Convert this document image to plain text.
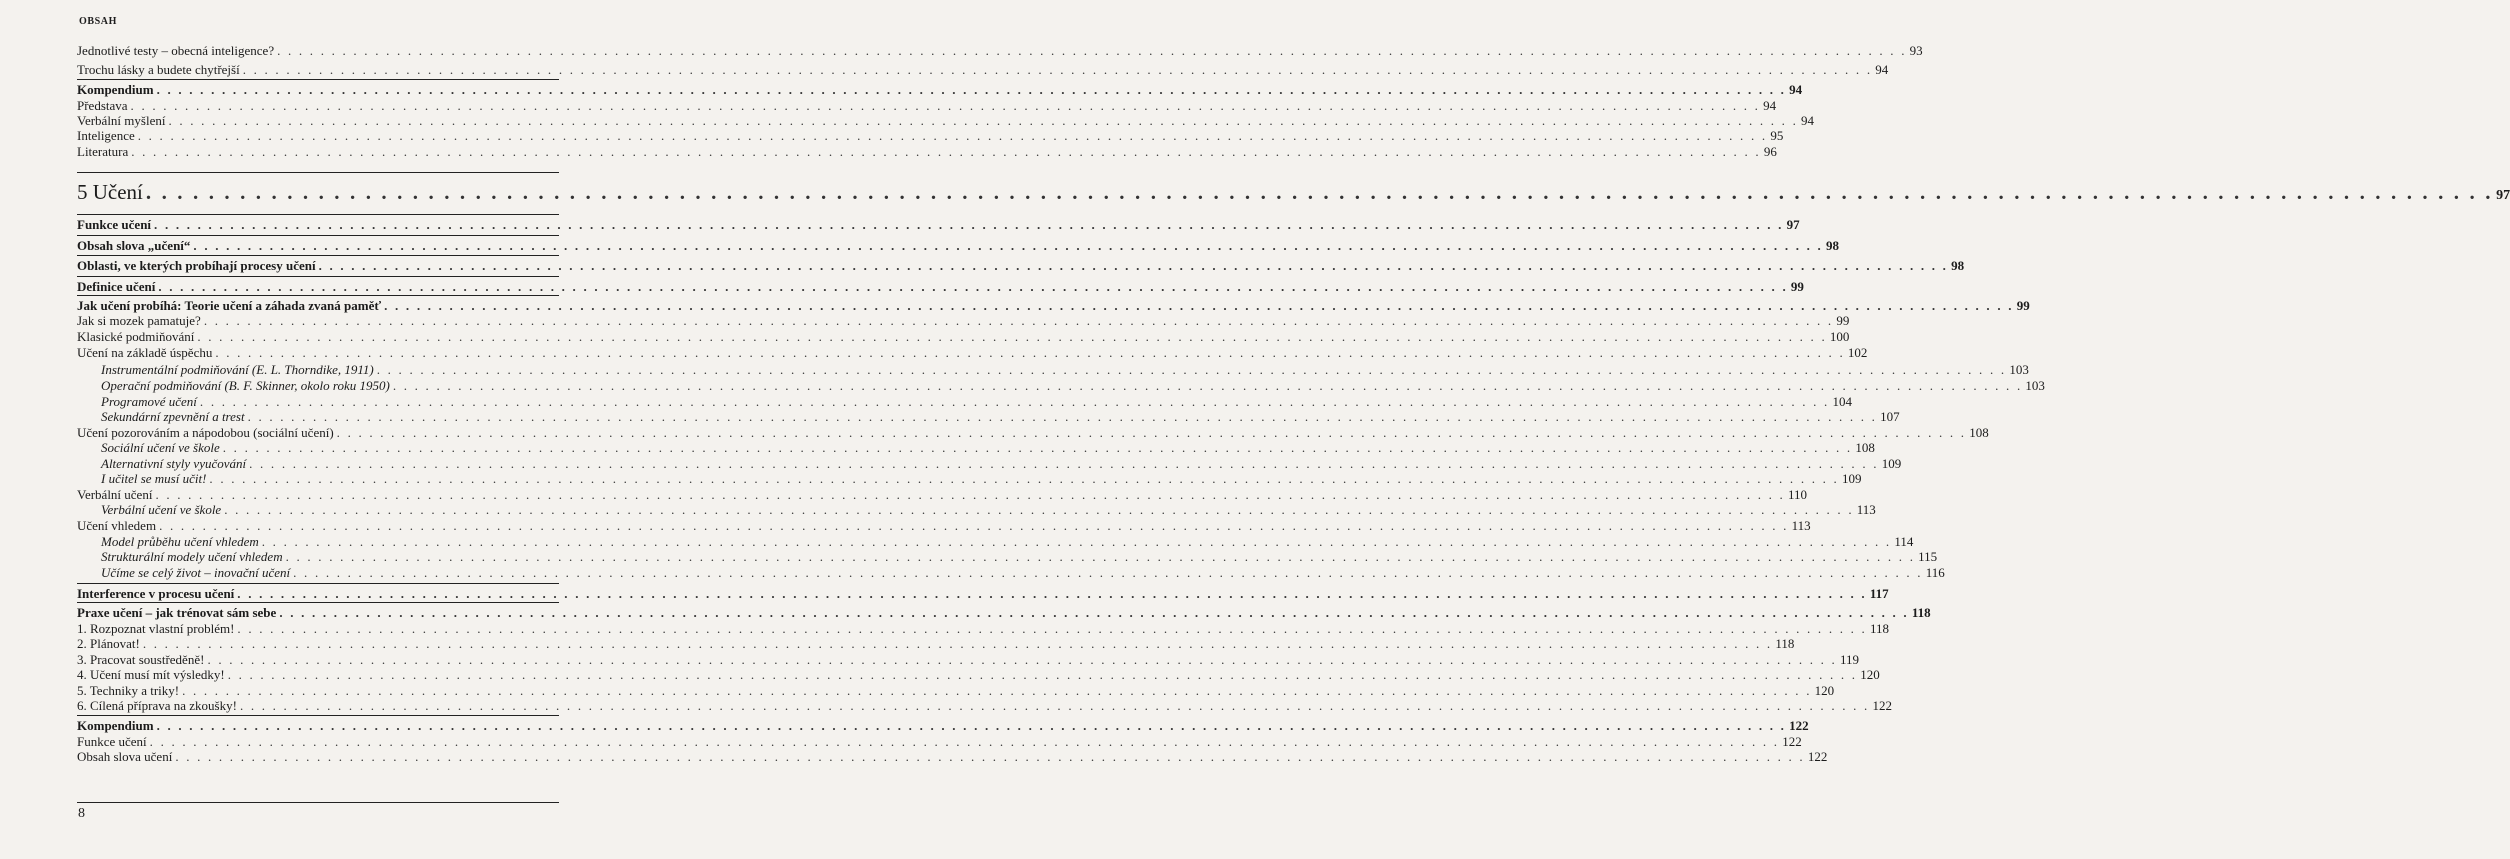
OBSAH
Jednotlivé testy – obecná inteligence? . . . . . . . . . . . . . . . . . . . . . . . . . . . . . . . . . . . . . . . . . . . . . . . . . . . . . . . . . . . . . . . . . . . . . . . . . . . . . . . . . . . . . . . . . . . . . . . . . . . . . . . . . . . . . . . . . . . . . . . . . . . . . . . . . . . . . . . . . . . . . . . . . . . . . . 93
Trochu lásky a budete chytřejší . . . . . . . . . . . . . . . . . . . . . . . . . . . . . . . . . . . . . . . . . . . . . . . . . . . . . . . . . . . . . . . . . . . . . . . . . . . . . . . . . . . . . . . . . . . . . . . . . . . . . . . . . . . . . . . . . . . . . . . . . . . . . . . . . . . . . . . . . . . . . . . . . . . . . . 94
Kompendium . . . . . . . . . . . . . . . . . . . . . . . . . . . . . . . . . . . . . . . . . . . . . . . . . . . . . . . . . . . . . . . . . . . . . . . . . . . . . . . . . . . . . . . . . . . . . . . . . . . . . . . . . . . . . . . . . . . . . . . . . . . . . . . . . . . . . . . . . . . . . . . . . . . . . . 94
Představa . . . . . . . . . . . . . . . . . . . . . . . . . . . . . . . . . . . . . . . . . . . . . . . . . . . . . . . . . . . . . . . . . . . . . . . . . . . . . . . . . . . . . . . . . . . . . . . . . . . . . . . . . . . . . . . . . . . . . . . . . . . . . . . . . . . . . . . . . . . . . . . . . . . . . . 94
Verbální myšlení . . . . . . . . . . . . . . . . . . . . . . . . . . . . . . . . . . . . . . . . . . . . . . . . . . . . . . . . . . . . . . . . . . . . . . . . . . . . . . . . . . . . . . . . . . . . . . . . . . . . . . . . . . . . . . . . . . . . . . . . . . . . . . . . . . . . . . . . . . . . . . . . . . . . . . 94
Inteligence . . . . . . . . . . . . . . . . . . . . . . . . . . . . . . . . . . . . . . . . . . . . . . . . . . . . . . . . . . . . . . . . . . . . . . . . . . . . . . . . . . . . . . . . . . . . . . . . . . . . . . . . . . . . . . . . . . . . . . . . . . . . . . . . . . . . . . . . . . . . . . . . . . . . . . 95
Literatura . . . . . . . . . . . . . . . . . . . . . . . . . . . . . . . . . . . . . . . . . . . . . . . . . . . . . . . . . . . . . . . . . . . . . . . . . . . . . . . . . . . . . . . . . . . . . . . . . . . . . . . . . . . . . . . . . . . . . . . . . . . . . . . . . . . . . . . . . . . . . . . . . . . . . . 96
5 Učení . . . . . . . . . . . . . . . . . . . . . . . . . . . . . . . . . . . . . . . . . . . . . . . . . . . . . . . . . . . . . . . . . . . . . . . . . . . . . . . . . . . . . . . . . . . . . . . . . . . . . . . . . . . . . . . . . . . . . . . . . . . . . . . . . . . . . . . . . . . . . . . . . . . . . . 97
Funkce učení . . . . . . . . . . . . . . . . . . . . . . . . . . . . . . . . . . . . . . . . . . . . . . . . . . . . . . . . . . . . . . . . . . . . . . . . . . . . . . . . . . . . . . . . . . . . . . . . . . . . . . . . . . . . . . . . . . . . . . . . . . . . . . . . . . . . . . . . . . . . . . . . . . . . . . 97
Obsah slova „učení“ . . . . . . . . . . . . . . . . . . . . . . . . . . . . . . . . . . . . . . . . . . . . . . . . . . . . . . . . . . . . . . . . . . . . . . . . . . . . . . . . . . . . . . . . . . . . . . . . . . . . . . . . . . . . . . . . . . . . . . . . . . . . . . . . . . . . . . . . . . . . . . . . . . . . . . 98
Oblasti, ve kterých probíhají procesy učení . . . . . . . . . . . . . . . . . . . . . . . . . . . . . . . . . . . . . . . . . . . . . . . . . . . . . . . . . . . . . . . . . . . . . . . . . . . . . . . . . . . . . . . . . . . . . . . . . . . . . . . . . . . . . . . . . . . . . . . . . . . . . . . . . . . . . . . . . . . . . . . . . . . . . . 98
Definice učení . . . . . . . . . . . . . . . . . . . . . . . . . . . . . . . . . . . . . . . . . . . . . . . . . . . . . . . . . . . . . . . . . . . . . . . . . . . . . . . . . . . . . . . . . . . . . . . . . . . . . . . . . . . . . . . . . . . . . . . . . . . . . . . . . . . . . . . . . . . . . . . . . . . . . . 99
Jak učení probíhá: Teorie učení a záhada zvaná paměť . . . . . . . . . . . . . . . . . . . . . . . . . . . . . . . . . . . . . . . . . . . . . . . . . . . . . . . . . . . . . . . . . . . . . . . . . . . . . . . . . . . . . . . . . . . . . . . . . . . . . . . . . . . . . . . . . . . . . . . . . . . . . . . . . . . . . . . . . . . . . . . . . . . . . . 99
Jak si mozek pamatuje? . . . . . . . . . . . . . . . . . . . . . . . . . . . . . . . . . . . . . . . . . . . . . . . . . . . . . . . . . . . . . . . . . . . . . . . . . . . . . . . . . . . . . . . . . . . . . . . . . . . . . . . . . . . . . . . . . . . . . . . . . . . . . . . . . . . . . . . . . . . . . . . . . . . . . . 99
Klasické podmiňování . . . . . . . . . . . . . . . . . . . . . . . . . . . . . . . . . . . . . . . . . . . . . . . . . . . . . . . . . . . . . . . . . . . . . . . . . . . . . . . . . . . . . . . . . . . . . . . . . . . . . . . . . . . . . . . . . . . . . . . . . . . . . . . . . . . . . . . . . . . . . . . . . . . . . . 100
Učení na základě úspěchu . . . . . . . . . . . . . . . . . . . . . . . . . . . . . . . . . . . . . . . . . . . . . . . . . . . . . . . . . . . . . . . . . . . . . . . . . . . . . . . . . . . . . . . . . . . . . . . . . . . . . . . . . . . . . . . . . . . . . . . . . . . . . . . . . . . . . . . . . . . . . . . . . . . . . . 102
Instrumentální podmiňování (E. L. Thorndike, 1911) . . . . . . . . . . . . . . . . . . . . . . . . . . . . . . . . . . . . . . . . . . . . . . . . . . . . . . . . . . . . . . . . . . . . . . . . . . . . . . . . . . . . . . . . . . . . . . . . . . . . . . . . . . . . . . . . . . . . . . . . . . . . . . . . . . . . . . . . . . . . . . . . . . . . . . 103
Operační podmiňování (B. F. Skinner, okolo roku 1950) . . . . . . . . . . . . . . . . . . . . . . . . . . . . . . . . . . . . . . . . . . . . . . . . . . . . . . . . . . . . . . . . . . . . . . . . . . . . . . . . . . . . . . . . . . . . . . . . . . . . . . . . . . . . . . . . . . . . . . . . . . . . . . . . . . . . . . . . . . . . . . . . . . . . . . 103
Programové učení . . . . . . . . . . . . . . . . . . . . . . . . . . . . . . . . . . . . . . . . . . . . . . . . . . . . . . . . . . . . . . . . . . . . . . . . . . . . . . . . . . . . . . . . . . . . . . . . . . . . . . . . . . . . . . . . . . . . . . . . . . . . . . . . . . . . . . . . . . . . . . . . . . . . . . 104
Sekundární zpevnění a trest . . . . . . . . . . . . . . . . . . . . . . . . . . . . . . . . . . . . . . . . . . . . . . . . . . . . . . . . . . . . . . . . . . . . . . . . . . . . . . . . . . . . . . . . . . . . . . . . . . . . . . . . . . . . . . . . . . . . . . . . . . . . . . . . . . . . . . . . . . . . . . . . . . . . . . 107
Učení pozorováním a nápodobou (sociální učení) . . . . . . . . . . . . . . . . . . . . . . . . . . . . . . . . . . . . . . . . . . . . . . . . . . . . . . . . . . . . . . . . . . . . . . . . . . . . . . . . . . . . . . . . . . . . . . . . . . . . . . . . . . . . . . . . . . . . . . . . . . . . . . . . . . . . . . . . . . . . . . . . . . . . . . 108
Sociální učení ve škole . . . . . . . . . . . . . . . . . . . . . . . . . . . . . . . . . . . . . . . . . . . . . . . . . . . . . . . . . . . . . . . . . . . . . . . . . . . . . . . . . . . . . . . . . . . . . . . . . . . . . . . . . . . . . . . . . . . . . . . . . . . . . . . . . . . . . . . . . . . . . . . . . . . . . . 108
Alternativní styly vyučování . . . . . . . . . . . . . . . . . . . . . . . . . . . . . . . . . . . . . . . . . . . . . . . . . . . . . . . . . . . . . . . . . . . . . . . . . . . . . . . . . . . . . . . . . . . . . . . . . . . . . . . . . . . . . . . . . . . . . . . . . . . . . . . . . . . . . . . . . . . . . . . . . . . . . . 109
I učitel se musí učit! . . . . . . . . . . . . . . . . . . . . . . . . . . . . . . . . . . . . . . . . . . . . . . . . . . . . . . . . . . . . . . . . . . . . . . . . . . . . . . . . . . . . . . . . . . . . . . . . . . . . . . . . . . . . . . . . . . . . . . . . . . . . . . . . . . . . . . . . . . . . . . . . . . . . . . 109
Verbální učení . . . . . . . . . . . . . . . . . . . . . . . . . . . . . . . . . . . . . . . . . . . . . . . . . . . . . . . . . . . . . . . . . . . . . . . . . . . . . . . . . . . . . . . . . . . . . . . . . . . . . . . . . . . . . . . . . . . . . . . . . . . . . . . . . . . . . . . . . . . . . . . . . . . . . . 110
Verbální učení ve škole . . . . . . . . . . . . . . . . . . . . . . . . . . . . . . . . . . . . . . . . . . . . . . . . . . . . . . . . . . . . . . . . . . . . . . . . . . . . . . . . . . . . . . . . . . . . . . . . . . . . . . . . . . . . . . . . . . . . . . . . . . . . . . . . . . . . . . . . . . . . . . . . . . . . . . 113
Učení vhledem . . . . . . . . . . . . . . . . . . . . . . . . . . . . . . . . . . . . . . . . . . . . . . . . . . . . . . . . . . . . . . . . . . . . . . . . . . . . . . . . . . . . . . . . . . . . . . . . . . . . . . . . . . . . . . . . . . . . . . . . . . . . . . . . . . . . . . . . . . . . . . . . . . . . . . 113
Model průběhu učení vhledem . . . . . . . . . . . . . . . . . . . . . . . . . . . . . . . . . . . . . . . . . . . . . . . . . . . . . . . . . . . . . . . . . . . . . . . . . . . . . . . . . . . . . . . . . . . . . . . . . . . . . . . . . . . . . . . . . . . . . . . . . . . . . . . . . . . . . . . . . . . . . . . . . . . . . . 114
Strukturální modely učení vhledem . . . . . . . . . . . . . . . . . . . . . . . . . . . . . . . . . . . . . . . . . . . . . . . . . . . . . . . . . . . . . . . . . . . . . . . . . . . . . . . . . . . . . . . . . . . . . . . . . . . . . . . . . . . . . . . . . . . . . . . . . . . . . . . . . . . . . . . . . . . . . . . . . . . . . . 115
Učíme se celý život – inovační učení . . . . . . . . . . . . . . . . . . . . . . . . . . . . . . . . . . . . . . . . . . . . . . . . . . . . . . . . . . . . . . . . . . . . . . . . . . . . . . . . . . . . . . . . . . . . . . . . . . . . . . . . . . . . . . . . . . . . . . . . . . . . . . . . . . . . . . . . . . . . . . . . . . . . . . 116
Interference v procesu učení . . . . . . . . . . . . . . . . . . . . . . . . . . . . . . . . . . . . . . . . . . . . . . . . . . . . . . . . . . . . . . . . . . . . . . . . . . . . . . . . . . . . . . . . . . . . . . . . . . . . . . . . . . . . . . . . . . . . . . . . . . . . . . . . . . . . . . . . . . . . . . . . . . . . . . 117
Praxe učení – jak trénovat sám sebe . . . . . . . . . . . . . . . . . . . . . . . . . . . . . . . . . . . . . . . . . . . . . . . . . . . . . . . . . . . . . . . . . . . . . . . . . . . . . . . . . . . . . . . . . . . . . . . . . . . . . . . . . . . . . . . . . . . . . . . . . . . . . . . . . . . . . . . . . . . . . . . . . . . . . . 118
1. Rozpoznat vlastní problém! . . . . . . . . . . . . . . . . . . . . . . . . . . . . . . . . . . . . . . . . . . . . . . . . . . . . . . . . . . . . . . . . . . . . . . . . . . . . . . . . . . . . . . . . . . . . . . . . . . . . . . . . . . . . . . . . . . . . . . . . . . . . . . . . . . . . . . . . . . . . . . . . . . . . . . 118
2. Plánovat! . . . . . . . . . . . . . . . . . . . . . . . . . . . . . . . . . . . . . . . . . . . . . . . . . . . . . . . . . . . . . . . . . . . . . . . . . . . . . . . . . . . . . . . . . . . . . . . . . . . . . . . . . . . . . . . . . . . . . . . . . . . . . . . . . . . . . . . . . . . . . . . . . . . . . . 118
3. Pracovat soustředěně! . . . . . . . . . . . . . . . . . . . . . . . . . . . . . . . . . . . . . . . . . . . . . . . . . . . . . . . . . . . . . . . . . . . . . . . . . . . . . . . . . . . . . . . . . . . . . . . . . . . . . . . . . . . . . . . . . . . . . . . . . . . . . . . . . . . . . . . . . . . . . . . . . . . . . . 119
4. Učení musí mít výsledky! . . . . . . . . . . . . . . . . . . . . . . . . . . . . . . . . . . . . . . . . . . . . . . . . . . . . . . . . . . . . . . . . . . . . . . . . . . . . . . . . . . . . . . . . . . . . . . . . . . . . . . . . . . . . . . . . . . . . . . . . . . . . . . . . . . . . . . . . . . . . . . . . . . . . . . 120
5. Techniky a triky! . . . . . . . . . . . . . . . . . . . . . . . . . . . . . . . . . . . . . . . . . . . . . . . . . . . . . . . . . . . . . . . . . . . . . . . . . . . . . . . . . . . . . . . . . . . . . . . . . . . . . . . . . . . . . . . . . . . . . . . . . . . . . . . . . . . . . . . . . . . . . . . . . . . . . . 120
6. Cílená příprava na zkoušky! . . . . . . . . . . . . . . . . . . . . . . . . . . . . . . . . . . . . . . . . . . . . . . . . . . . . . . . . . . . . . . . . . . . . . . . . . . . . . . . . . . . . . . . . . . . . . . . . . . . . . . . . . . . . . . . . . . . . . . . . . . . . . . . . . . . . . . . . . . . . . . . . . . . . . . 122
Kompendium . . . . . . . . . . . . . . . . . . . . . . . . . . . . . . . . . . . . . . . . . . . . . . . . . . . . . . . . . . . . . . . . . . . . . . . . . . . . . . . . . . . . . . . . . . . . . . . . . . . . . . . . . . . . . . . . . . . . . . . . . . . . . . . . . . . . . . . . . . . . . . . . . . . . . . 122
Funkce učení . . . . . . . . . . . . . . . . . . . . . . . . . . . . . . . . . . . . . . . . . . . . . . . . . . . . . . . . . . . . . . . . . . . . . . . . . . . . . . . . . . . . . . . . . . . . . . . . . . . . . . . . . . . . . . . . . . . . . . . . . . . . . . . . . . . . . . . . . . . . . . . . . . . . . . 122
Obsah slova učení . . . . . . . . . . . . . . . . . . . . . . . . . . . . . . . . . . . . . . . . . . . . . . . . . . . . . . . . . . . . . . . . . . . . . . . . . . . . . . . . . . . . . . . . . . . . . . . . . . . . . . . . . . . . . . . . . . . . . . . . . . . . . . . . . . . . . . . . . . . . . . . . . . . . . . 122
8
